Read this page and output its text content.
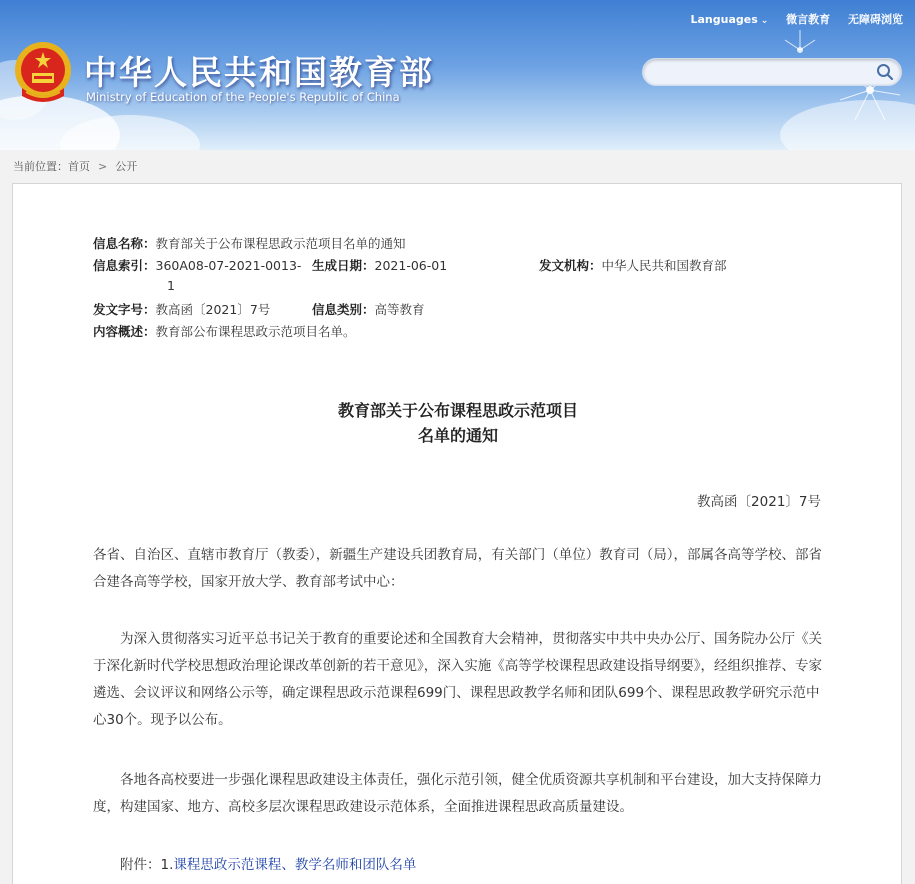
中华人民共和国教育部
Ministry of Education of the People's Republic of China
Languages ⌄ 微言教育 无障碍浏览
当前位置：首页 > 公开
信息名称：教育部关于公布课程思政示范项目名单的通知
信息索引：360A08-07-2021-0013-
1
生成日期：2021-06-01	发文机构：中华人民共和国教育部
发文字号：教高函〔2021〕7号	信息类别：高等教育
内容概述：教育部公布课程思政示范项目名单。
教育部关于公布课程思政示范项目
名单的通知
教高函〔2021〕7号

各省、自治区、直辖市教育厅（教委），新疆生产建设兵团教育局，有关部门（单位）教育司（局），部属各高等学校、部省合建各高等学校，国家开放大学、教育部考试中心：

为深入贯彻落实习近平总书记关于教育的重要论述和全国教育大会精神，贯彻落实中共中央办公厅、国务院办公厅《关于深化新时代学校思想政治理论课改革创新的若干意见》，深入实施《高等学校课程思政建设指导纲要》，经组织推荐、专家遴选、会议评议和网络公示等，确定课程思政示范课程699门、课程思政教学名师和团队699个、课程思政教学研究示范中心30个。现予以公布。

各地各高校要进一步强化课程思政建设主体责任，强化示范引领，健全优质资源共享机制和平台建设，加大支持保障力度，构建国家、地方、高校多层次课程思政建设示范体系，全面推进课程思政高质量建设。

附件：1.课程思政示范课程、教学名师和团队名单
